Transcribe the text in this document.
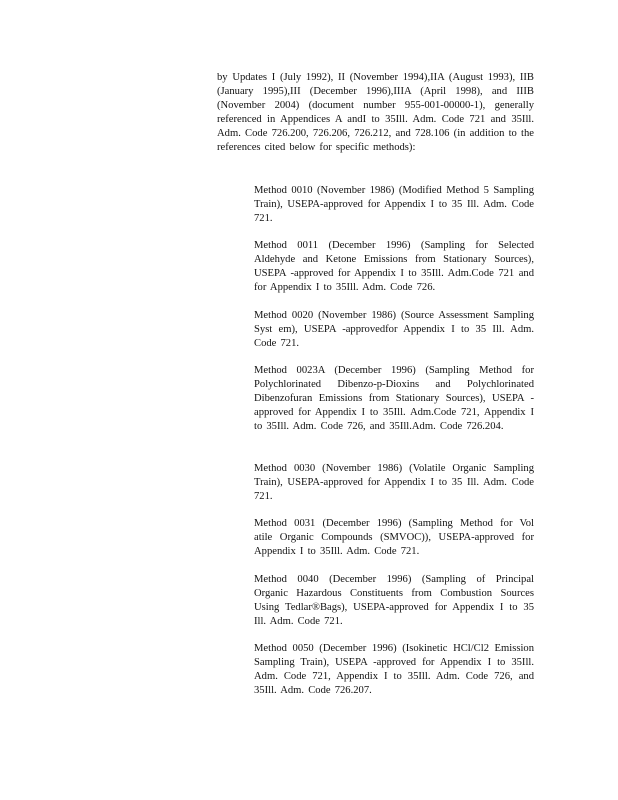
by Updates I (July 1992), II (November 1994),IIA (August 1993), IIB (January 1995),III (December 1996),IIIA (April 1998), and IIIB (November 2004) (document number 955-001-00000-1), generally referenced in Appendices A andI to 35Ill. Adm. Code 721 and 35Ill. Adm. Code 726.200, 726.206, 726.212, and 728.106 (in addition to the references cited below for specific methods):

Method 0010 (November 1986) (Modified Method 5 Sampling Train), USEPA-approved for Appendix I to 35 Ill. Adm. Code 721.

Method 0011 (December 1996) (Sampling for Selected Aldehyde and Ketone Emissions from Stationary Sources), USEPA -approved for Appendix I to 35Ill. Adm.Code 721 and for Appendix I to 35Ill. Adm. Code 726.

Method 0020 (November 1986) (Source Assessment Sampling Syst em), USEPA -approvedfor Appendix I to 35 Ill. Adm. Code 721.

Method 0023A (December 1996) (Sampling Method for Polychlorinated Dibenzo-p-Dioxins and Polychlorinated Dibenzofuran Emissions from Stationary Sources), USEPA -approved for Appendix I to 35Ill. Adm.Code 721, Appendix I to 35Ill. Adm. Code 726, and 35Ill.Adm. Code 726.204.

Method 0030 (November 1986) (Volatile Organic Sampling Train), USEPA-approved for Appendix I to 35 Ill. Adm. Code 721.

Method 0031 (December 1996) (Sampling Method for Vol atile Organic Compounds (SMVOC)), USEPA-approved for Appendix I to 35Ill. Adm. Code 721.

Method 0040 (December 1996) (Sampling of Principal Organic Hazardous Constituents from Combustion Sources Using Tedlar®Bags), USEPA-approved for Appendix I to 35 Ill. Adm. Code 721.

Method 0050 (December 1996) (Isokinetic HCl/Cl2 Emission Sampling Train), USEPA -approved for Appendix I to 35Ill. Adm. Code 721, Appendix I to 35Ill. Adm. Code 726, and 35Ill. Adm. Code 726.207.
